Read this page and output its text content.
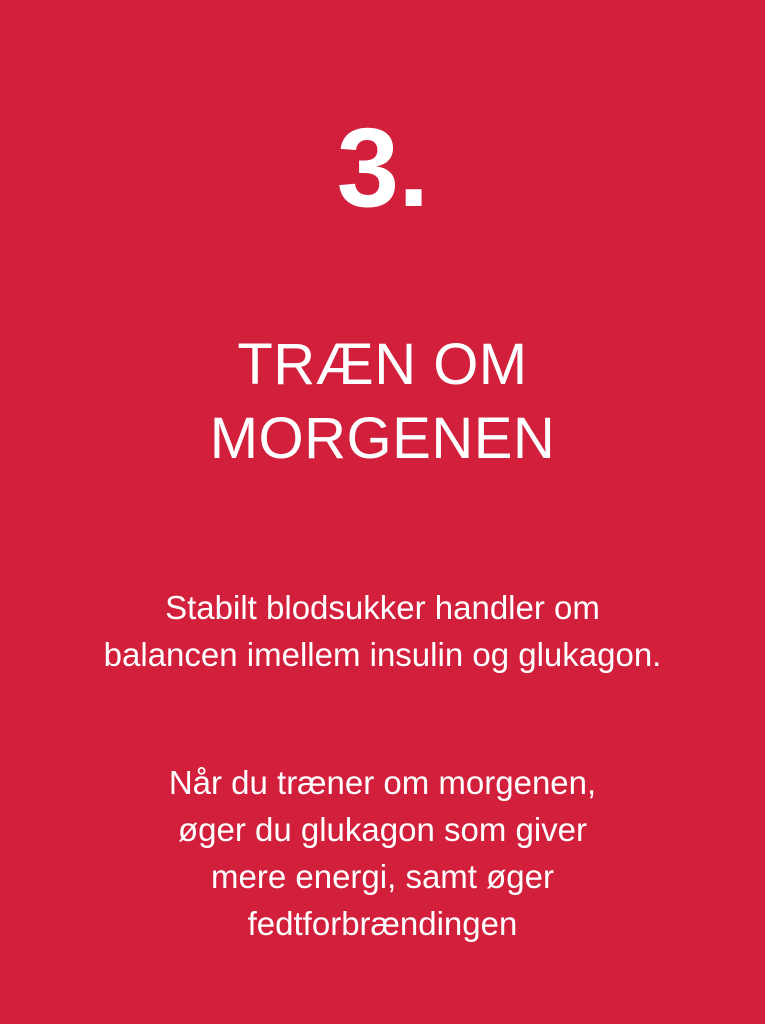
3.
TRÆN OM MORGENEN

Stabilt blodsukker handler om balancen imellem insulin og glukagon.

Når du træner om morgenen, øger du glukagon som giver mere energi, samt øger fedtforbrændingen
